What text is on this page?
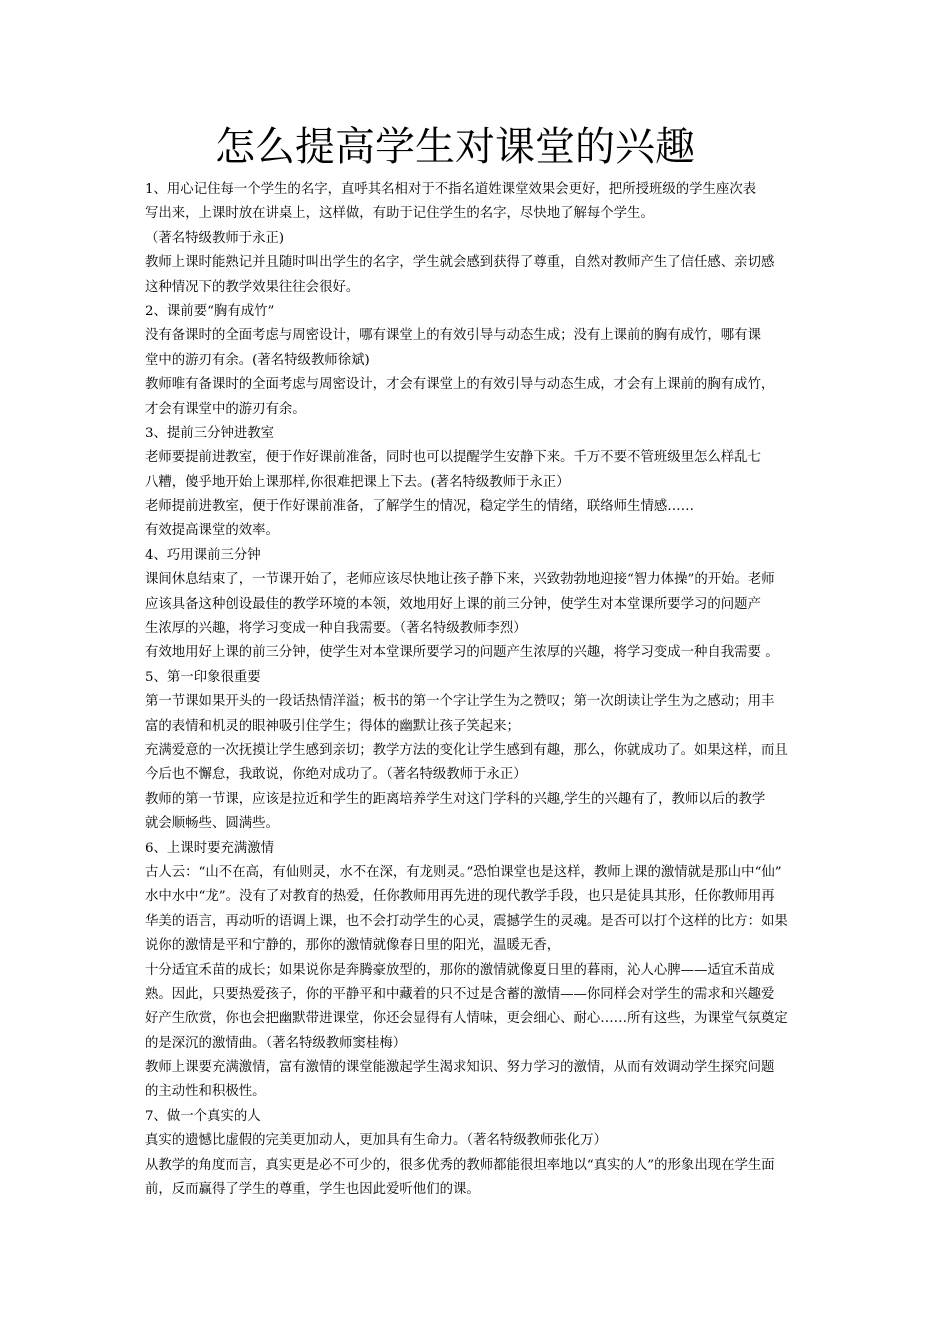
怎么提高学生对课堂的兴趣
1、用心记住每一个学生的名字，直呼其名相对于不指名道姓课堂效果会更好，把所授班级的学生座次表
写出来，上课时放在讲桌上，这样做，有助于记住学生的名字，尽快地了解每个学生。
（著名特级教师于永正)
教师上课时能熟记并且随时叫出学生的名字，学生就会感到获得了尊重，自然对教师产生了信任感、亲切感
这种情况下的教学效果往往会很好。
2、课前要“胸有成竹”
没有备课时的全面考虑与周密设计，哪有课堂上的有效引导与动态生成；没有上课前的胸有成竹，哪有课
堂中的游刃有余。(著名特级教师徐斌)
教师唯有备课时的全面考虑与周密设计，才会有课堂上的有效引导与动态生成，才会有上课前的胸有成竹，
才会有课堂中的游刃有余。
3、提前三分钟进教室
老师要提前进教室，便于作好课前准备，同时也可以提醒学生安静下来。千万不要不管班级里怎么样乱七
八糟，傻乎地开始上课那样,你很难把课上下去。(著名特级教师于永正）
老师提前进教室，便于作好课前准备，了解学生的情况，稳定学生的情绪，联络师生情感……
有效提高课堂的效率。
4、巧用课前三分钟
课间休息结束了，一节课开始了，老师应该尽快地让孩子静下来，兴致勃勃地迎接“智力体操”的开始。老师
应该具备这种创设最佳的教学环境的本领，效地用好上课的前三分钟，使学生对本堂课所要学习的问题产
生浓厚的兴趣，将学习变成一种自我需要。（著名特级教师李烈）
有效地用好上课的前三分钟，使学生对本堂课所要学习的问题产生浓厚的兴趣，将学习变成一种自我需要 。
5、第一印象很重要
第一节课如果开头的一段话热情洋溢；板书的第一个字让学生为之赞叹；第一次朗读让学生为之感动；用丰
富的表情和机灵的眼神吸引住学生；得体的幽默让孩子笑起来；
充满爱意的一次抚摸让学生感到亲切；教学方法的变化让学生感到有趣，那么，你就成功了。如果这样，而且
今后也不懈怠，我敢说，你绝对成功了。（著名特级教师于永正）
教师的第一节课，应该是拉近和学生的距离培养学生对这门学科的兴趣,学生的兴趣有了，教师以后的教学
就会顺畅些、圆满些。
6、上课时要充满激情
古人云：“山不在高，有仙则灵，水不在深，有龙则灵。”恐怕课堂也是这样，教师上课的激情就是那山中“仙”
水中水中“龙”。没有了对教育的热爱，任你教师用再先进的现代教学手段，也只是徒具其形，任你教师用再
华美的语言，再动听的语调上课，也不会打动学生的心灵，震撼学生的灵魂。是否可以打个这样的比方：如果
说你的激情是平和宁静的，那你的激情就像春日里的阳光，温暖无香，
十分适宜禾苗的成长；如果说你是奔腾豪放型的，那你的激情就像夏日里的暮雨，沁人心脾——适宜禾苗成
熟。因此，只要热爱孩子，你的平静平和中藏着的只不过是含蓄的激情——你同样会对学生的需求和兴趣爱
好产生欣赏，你也会把幽默带进课堂，你还会显得有人情味，更会细心、耐心……所有这些，为课堂气氛奠定
的是深沉的激情曲。（著名特级教师窦桂梅）
教师上课要充满激情，富有激情的课堂能激起学生渴求知识、努力学习的激情，从而有效调动学生探究问题
的主动性和积极性。
7、做一个真实的人
真实的遗憾比虚假的完美更加动人，更加具有生命力。（著名特级教师张化万）
从教学的角度而言，真实更是必不可少的，很多优秀的教师都能很坦率地以“真实的人”的形象出现在学生面
前，反而赢得了学生的尊重，学生也因此爱听他们的课。
